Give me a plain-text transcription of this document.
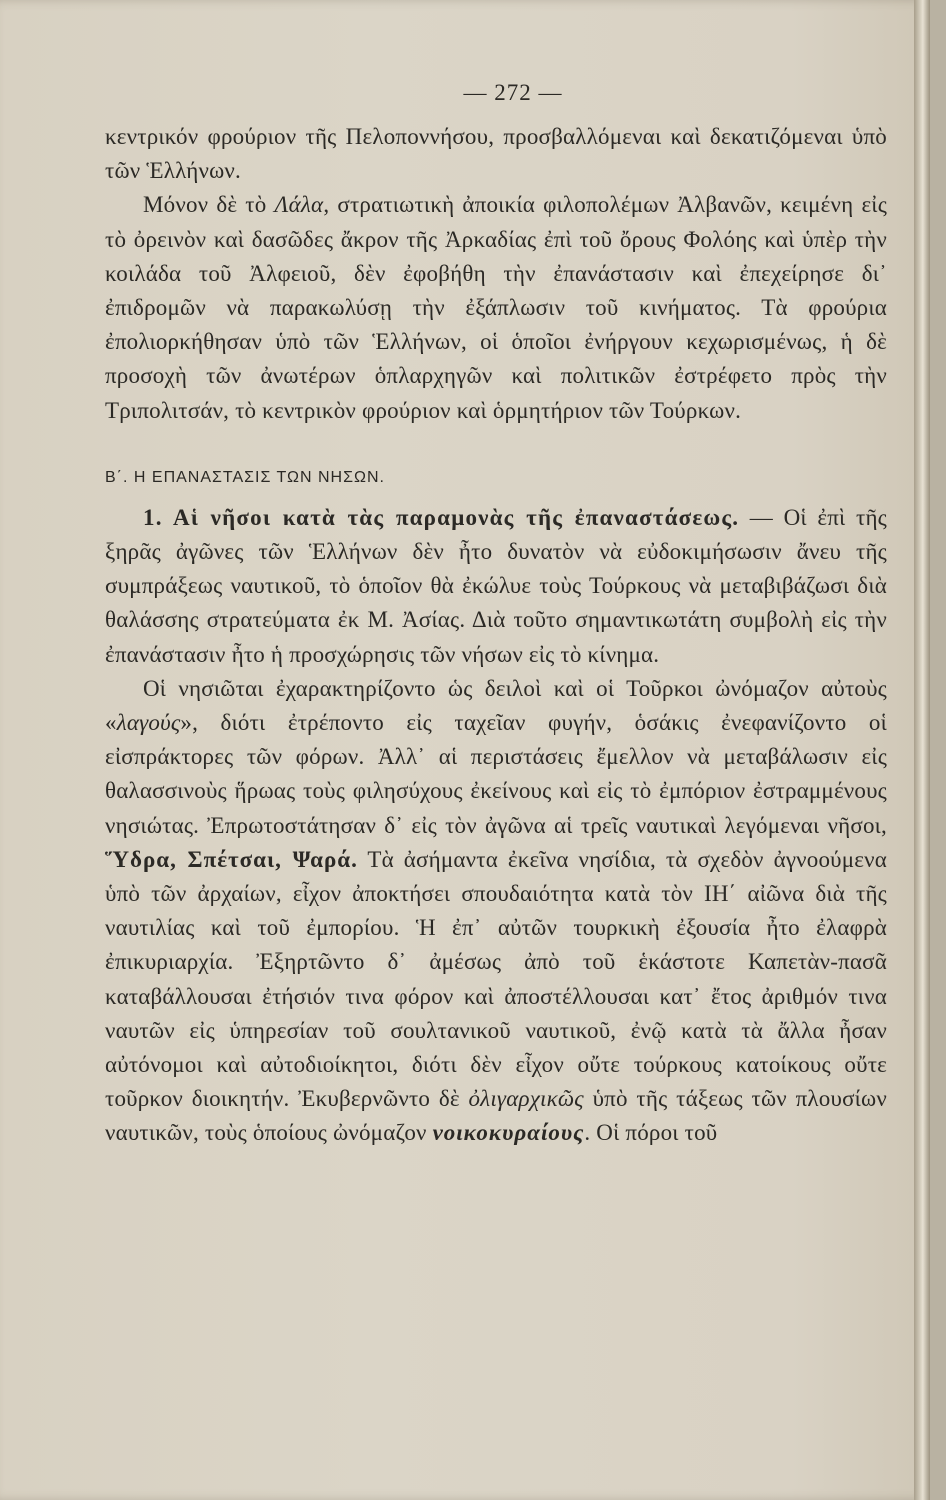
— 272 —

κεντρικόν φρούριον τῆς Πελοποννήσου, προσβαλλόμεναι καὶ δεκατιζόμεναι ὑπὸ τῶν Ἑλλήνων.

Μόνον δὲ τὸ Λάλα, στρατιωτικὴ ἀποικία φιλοπολέμων Ἀλβανῶν, κειμένη εἰς τὸ ὀρεινὸν καὶ δασῶδες ἄκρον τῆς Ἀρκαδίας ἐπὶ τοῦ ὄρους Φολόης καὶ ὑπὲρ τὴν κοιλάδα τοῦ Ἀλφειοῦ, δὲν ἐφοβήθη τὴν ἐπανάστασιν καὶ ἐπεχείρησε δι᾽ ἐπιδρομῶν νὰ παρακωλύσῃ τὴν ἐξάπλωσιν τοῦ κινήματος. Τὰ φρούρια ἐπολιορκήθησαν ὑπὸ τῶν Ἑλλήνων, οἱ ὁποῖοι ἐνήργουν κεχωρισμένως, ἡ δὲ προσοχὴ τῶν ἀνωτέρων ὁπλαρχηγῶν καὶ πολιτικῶν ἐστρέφετο πρὸς τὴν Τριπολιτσάν, τὸ κεντρικὸν φρούριον καὶ ὁρμητήριον τῶν Τούρκων.

Β΄. Η ΕΠΑΝΑΣΤΑΣΙΣ ΤΩΝ ΝΗΣΩΝ.

1. Αἱ νῆσοι κατὰ τὰς παραμονὰς τῆς ἐπαναστάσεως. — Οἱ ἐπὶ τῆς ξηρᾶς ἀγῶνες τῶν Ἑλλήνων δὲν ἦτο δυνατὸν νὰ εὐδοκιμήσωσιν ἄνευ τῆς συμπράξεως ναυτικοῦ, τὸ ὁποῖον θὰ ἐκώλυε τοὺς Τούρκους νὰ μεταβιβάζωσι διὰ θαλάσσης στρατεύματα ἐκ Μ. Ἀσίας. Διὰ τοῦτο σημαντικωτάτη συμβολὴ εἰς τὴν ἐπανάστασιν ἦτο ἡ προσχώρησις τῶν νήσων εἰς τὸ κίνημα.

Οἱ νησιῶται ἐχαρακτηρίζοντο ὡς δειλοὶ καὶ οἱ Τοῦρκοι ὠνόμαζον αὐτοὺς «λαγούς», διότι ἐτρέποντο εἰς ταχεῖαν φυγήν, ὁσάκις ἐνεφανίζοντο οἱ εἰσπράκτορες τῶν φόρων. Ἀλλ᾽ αἱ περιστάσεις ἔμελλον νὰ μεταβάλωσιν εἰς θαλασσινοὺς ἥρωας τοὺς φιλησύχους ἐκείνους καὶ εἰς τὸ ἐμπόριον ἐστραμμένους νησιώτας. Ἐπρωτοστάτησαν δ᾽ εἰς τὸν ἀγῶνα αἱ τρεῖς ναυτικαὶ λεγόμεναι νῆσοι, Ὕδρα, Σπέτσαι, Ψαρά. Τὰ ἀσήμαντα ἐκεῖνα νησίδια, τὰ σχεδὸν ἀγνοούμενα ὑπὸ τῶν ἀρχαίων, εἶχον ἀποκτήσει σπουδαιότητα κατὰ τὸν ΙΗ΄ αἰῶνα διὰ τῆς ναυτιλίας καὶ τοῦ ἐμπορίου. Ἡ ἐπ᾽ αὐτῶν τουρκικὴ ἐξουσία ἦτο ἐλαφρὰ ἐπικυριαρχία. Ἐξηρτῶντο δ᾽ ἀμέσως ἀπὸ τοῦ ἑκάστοτε Καπετὰν-πασᾶ καταβάλλουσαι ἐτήσιόν τινα φόρον καὶ ἀποστέλλουσαι κατ᾽ ἔτος ἀριθμόν τινα ναυτῶν εἰς ὑπηρεσίαν τοῦ σουλτανικοῦ ναυτικοῦ, ἐνῷ κατὰ τὰ ἄλλα ἦσαν αὐτόνομοι καὶ αὐτοδιοίκητοι, διότι δὲν εἶχον οὔτε τούρκους κατοίκους οὔτε τοῦρκον διοικητήν. Ἐκυβερνῶντο δὲ ὀλιγαρχικῶς ὑπὸ τῆς τάξεως τῶν πλουσίων ναυτικῶν, τοὺς ὁποίους ὠνόμαζον νοικοκυραίους. Οἱ πόροι τοῦ
